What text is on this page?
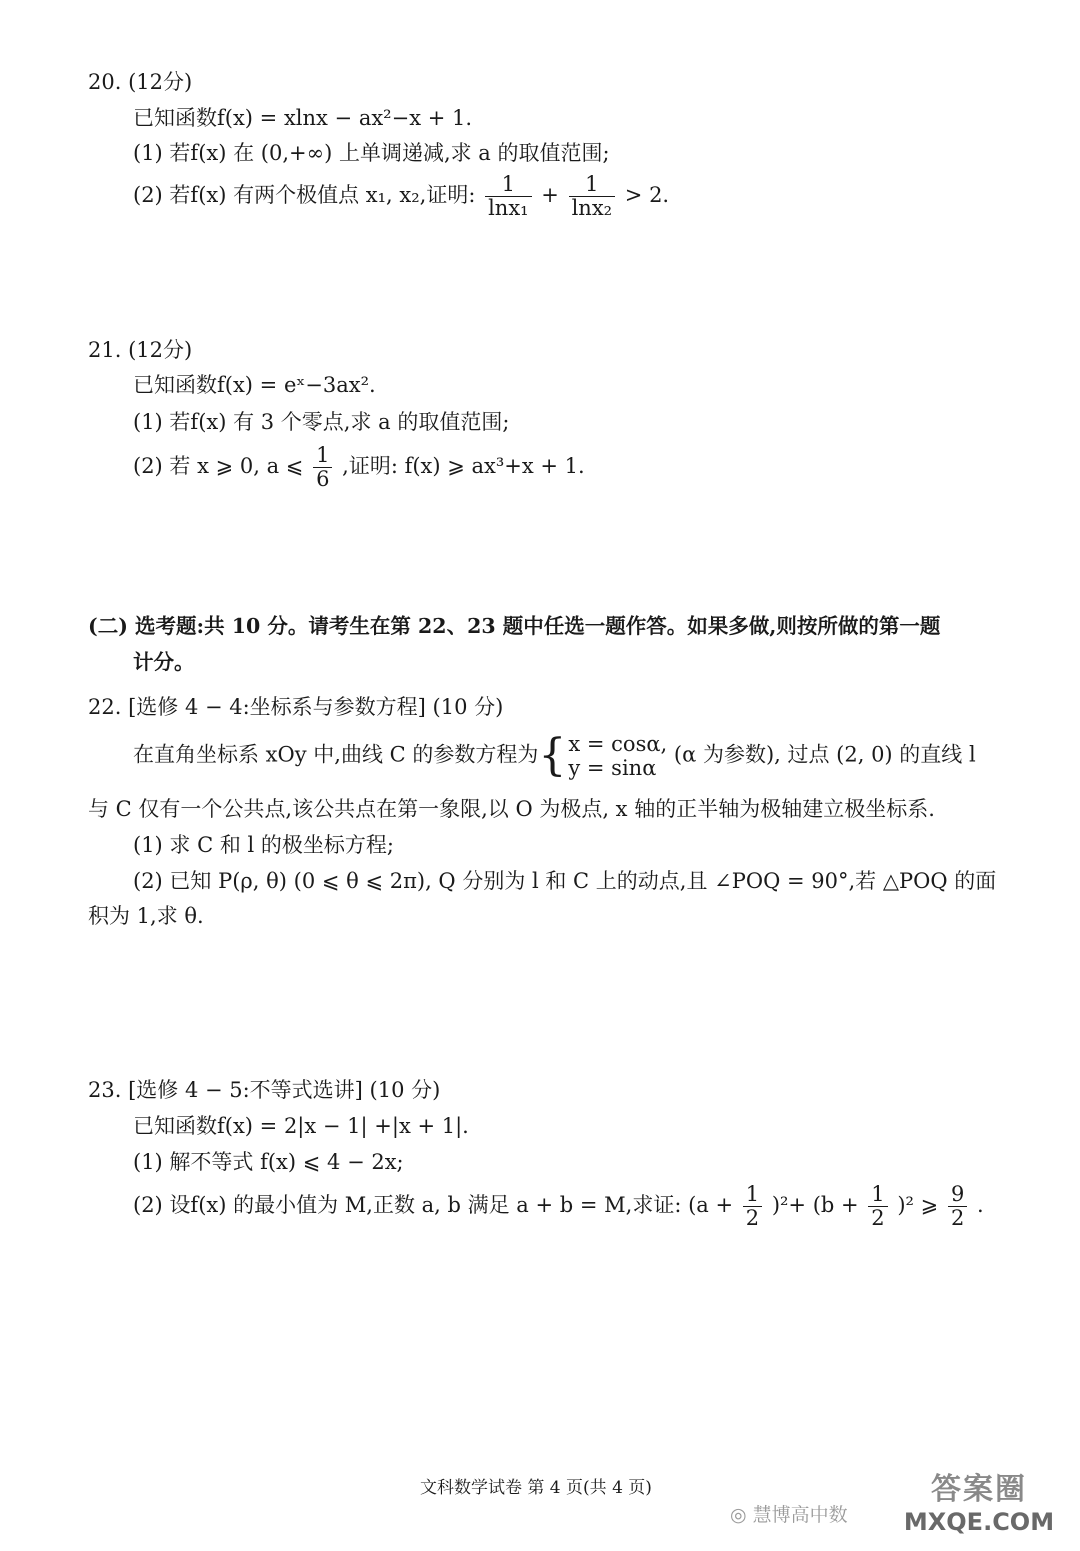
20. (12分)
已知函数f(x) = xlnx − ax²−x + 1.
(1) 若f(x) 在 (0,+∞) 上单调递减,求 a 的取值范围;
(2) 若f(x) 有两个极值点 x₁, x₂,证明: $\frac{1}{\text{lnx₁}} + \frac{1}{\text{lnx₂}} > 2$.
21. (12分)
已知函数f(x) = eˣ−3ax².
(1) 若f(x) 有 3 个零点,求 a 的取值范围;
(2) 若 x ⩾ 0, a ⩽ $\frac{1}{6}$ ,证明: f(x) ⩾ ax³+x + 1.
(二) 选考题:共 10 分。请考生在第 22、23 题中任选一题作答。如果多做,则按所做的第一题
计分。
22. [选修 4 − 4:坐标系与参数方程] (10 分)
在直角坐标系 xOy 中,曲线 C 的参数方程为{ x = cosα,
y = sinα
(α 为参数), 过点 (2, 0) 的直线 l
与 C 仅有一个公共点,该公共点在第一象限,以 O 为极点, x 轴的正半轴为极轴建立极坐标系.
(1) 求 C 和 l 的极坐标方程;
(2) 已知 P(ρ, θ) (0 ⩽ θ ⩽ 2π), Q 分别为 l 和 C 上的动点,且 ∠POQ = 90°,若 △POQ 的面
积为 1,求 θ.
23. [选修 4 − 5:不等式选讲] (10 分)
已知函数f(x) = 2|x − 1| +|x + 1|.
(1) 解不等式 f(x) ⩽ 4 − 2x;
(2) 设f(x) 的最小值为 M,正数 a, b 满足 a + b = M,求证: $(a + \frac{1}{2} )^2+ (b + \frac{1}{2} )^2$ ⩾ $\frac{9}{2}$ .
文科数学试卷 第 4 页(共 4 页)
◎ 慧博高中数
答案圈
MXQE.COM
